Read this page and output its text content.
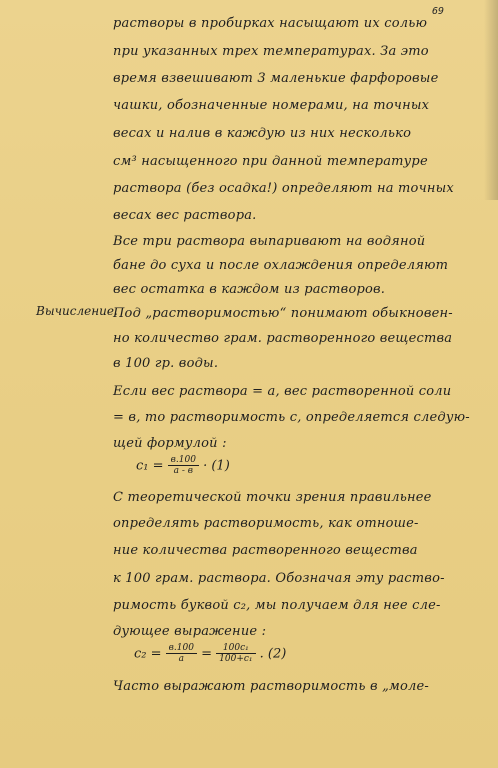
69
растворы в пробирках насыщают их солью
при указанных трех температурах. За это
время взвешивают 3 маленькие фарфоровые
чашки, обозначенные номерами, на точных
весах и налив в каждую из них несколько
см³ насыщенного при данной температуре
раствора (без осадка!) определяют на точных
весах вес раствора.
Все три раствора выпаривают на водяной
бане до суха и после охлаждения определяют
вес остатка в каждом из растворов.
Вычисление.
Под „растворимостью“ понимают обыкновен-
но количество грам. растворенного вещества
в 100 гр. воды.
Если вес раствора = а, вес растворенной соли
= в, то растворимость с, определяется следую-
щей формулой :
$c_1 = \frac{в.100}{а - в} \cdot (1)$
С теоретической точки зрения правильнее
определять растворимость, как отноше-
ние количества растворенного вещества
к 100 грам. раствора. Обозначая эту раство-
римость буквой с₂, мы получаем для нее сле-
дующее выражение :
$c_2 = \frac{в.100}{а} = \frac{\text{100c₁}}{\text{100+c₁}}$ . (2)
Часто выражают растворимость в „моле-
